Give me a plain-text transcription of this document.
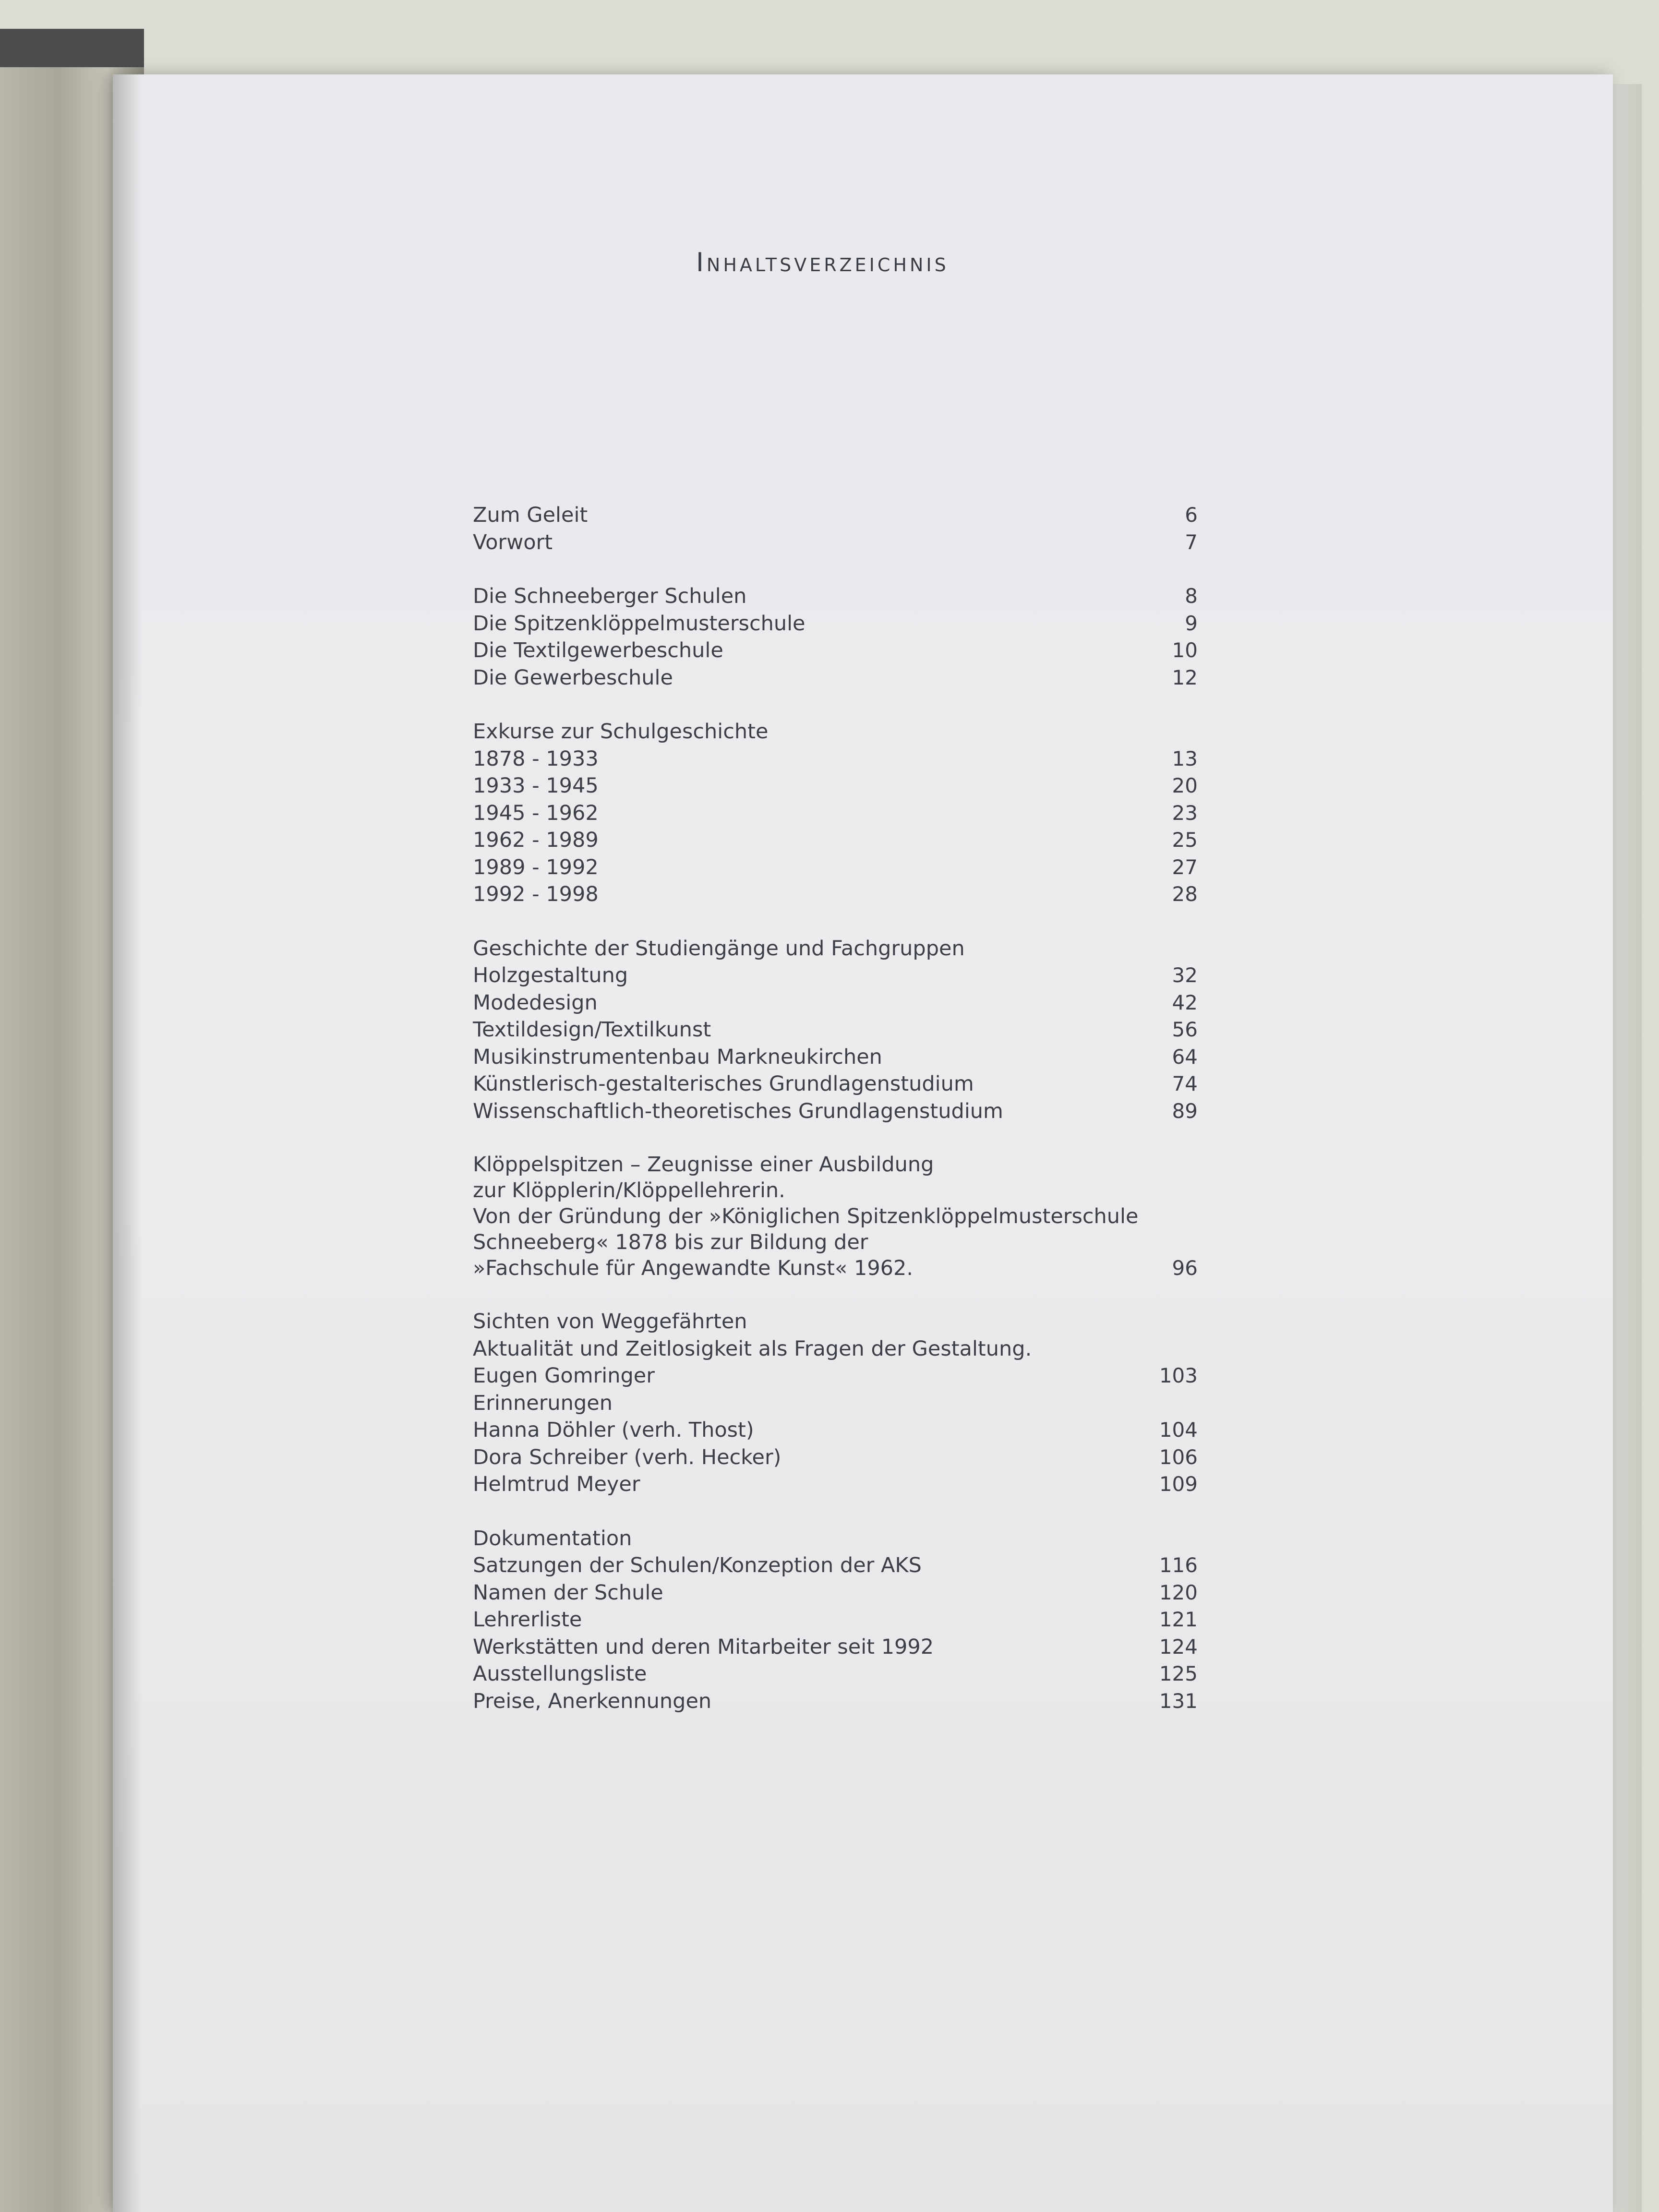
Inhaltsverzeichnis
Zum Geleit	6
Vorwort	7
Die Schneeberger Schulen	8
Die Spitzenklöppelmusterschule	9
Die Textilgewerbeschule	10
Die Gewerbeschule	12
Exkurse zur Schulgeschichte
1878 - 1933	13
1933 - 1945	20
1945 - 1962	23
1962 - 1989	25
1989 - 1992	27
1992 - 1998	28
Geschichte der Studiengänge und Fachgruppen
Holzgestaltung	32
Modedesign	42
Textildesign/Textilkunst	56
Musikinstrumentenbau Markneukirchen	64
Künstlerisch-gestalterisches Grundlagenstudium	74
Wissenschaftlich-theoretisches Grundlagenstudium	89
Klöppelspitzen – Zeugnisse einer Ausbildung
zur Klöpplerin/Klöppellehrerin.
Von der Gründung der »Königlichen Spitzenklöppelmusterschule
Schneeberg« 1878 bis zur Bildung der
»Fachschule für Angewandte Kunst« 1962.	96
Sichten von Weggefährten
Aktualität und Zeitlosigkeit als Fragen der Gestaltung.
Eugen Gomringer	103
Erinnerungen
Hanna Döhler (verh. Thost)	104
Dora Schreiber (verh. Hecker)	106
Helmtrud Meyer	109
Dokumentation
Satzungen der Schulen/Konzeption der AKS	116
Namen der Schule	120
Lehrerliste	121
Werkstätten und deren Mitarbeiter seit 1992	124
Ausstellungsliste	125
Preise, Anerkennungen	131
